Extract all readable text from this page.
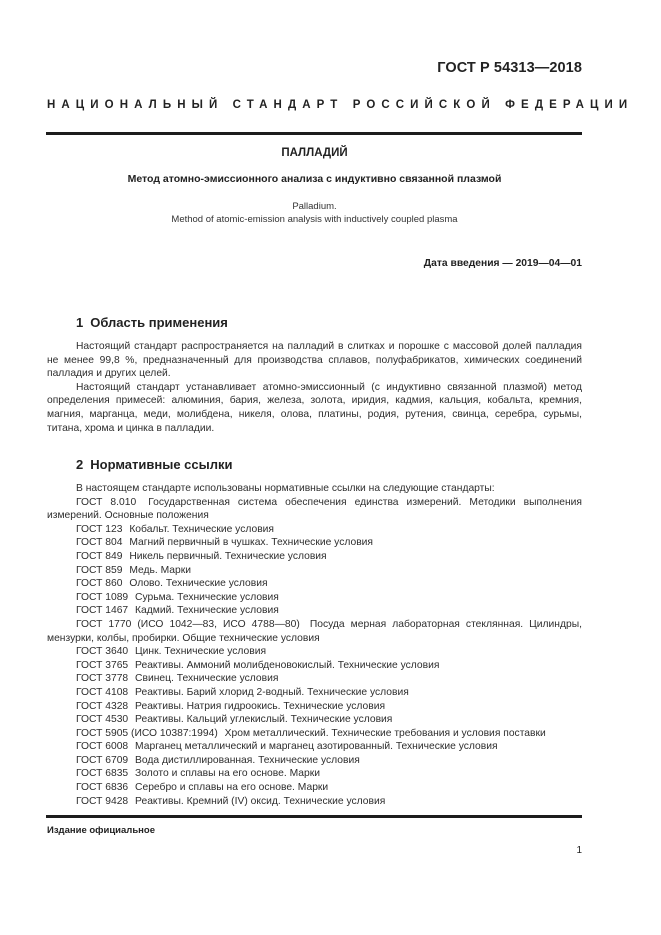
ГОСТ Р 54313—2018
НАЦИОНАЛЬНЫЙ СТАНДАРТ РОССИЙСКОЙ ФЕДЕРАЦИИ
ПАЛЛАДИЙ
Метод атомно-эмиссионного анализа с индуктивно связанной плазмой
Palladium.
Method of atomic-emission analysis with inductively coupled plasma
Дата введения — 2019—04—01
1 Область применения

Настоящий стандарт распространяется на палладий в слитках и порошке с массовой долей палладия не менее 99,8 %, предназначенный для производства сплавов, полуфабрикатов, химических соединений палладия и других целей.

Настоящий стандарт устанавливает атомно-эмиссионный (с индуктивно связанной плазмой) метод определения примесей: алюминия, бария, железа, золота, иридия, кадмия, кальция, кобальта, кремния, магния, марганца, меди, молибдена, никеля, олова, платины, родия, рутения, свинца, серебра, сурьмы, титана, хрома и цинка в палладии.

2 Нормативные ссылки
В настоящем стандарте использованы нормативные ссылки на следующие стандарты:
ГОСТ 8.010 Государственная система обеспечения единства измерений. Методики выполнения измерений. Основные положения
ГОСТ 123 Кобальт. Технические условия
ГОСТ 804 Магний первичный в чушках. Технические условия
ГОСТ 849 Никель первичный. Технические условия
ГОСТ 859 Медь. Марки
ГОСТ 860 Олово. Технические условия
ГОСТ 1089 Сурьма. Технические условия
ГОСТ 1467 Кадмий. Технические условия
ГОСТ 1770 (ИСО 1042—83, ИСО 4788—80) Посуда мерная лабораторная стеклянная. Цилиндры, мензурки, колбы, пробирки. Общие технические условия
ГОСТ 3640 Цинк. Технические условия
ГОСТ 3765 Реактивы. Аммоний молибденовокислый. Технические условия
ГОСТ 3778 Свинец. Технические условия
ГОСТ 4108 Реактивы. Барий хлорид 2-водный. Технические условия
ГОСТ 4328 Реактивы. Натрия гидроокись. Технические условия
ГОСТ 4530 Реактивы. Кальций углекислый. Технические условия
ГОСТ 5905 (ИСО 10387:1994) Хром металлический. Технические требования и условия поставки
ГОСТ 6008 Марганец металлический и марганец азотированный. Технические условия
ГОСТ 6709 Вода дистиллированная. Технические условия
ГОСТ 6835 Золото и сплавы на его основе. Марки
ГОСТ 6836 Серебро и сплавы на его основе. Марки
ГОСТ 9428 Реактивы. Кремний (IV) оксид. Технические условия
Издание официальное
1
